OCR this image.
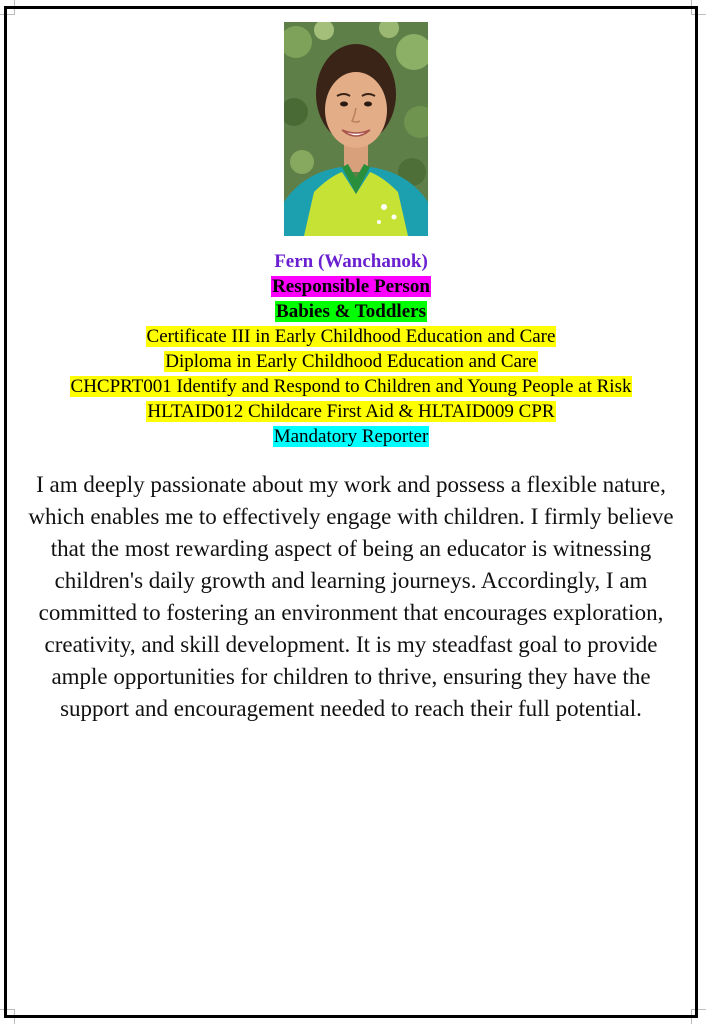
Fern (Wanchanok)
Responsible Person
Babies & Toddlers
Certificate III in Early Childhood Education and Care
Diploma in Early Childhood Education and Care
CHCPRT001 Identify and Respond to Children and Young People at Risk
HLTAID012 Childcare First Aid & HLTAID009 CPR
Mandatory Reporter

I am deeply passionate about my work and possess a flexible nature, which enables me to effectively engage with children. I firmly believe that the most rewarding aspect of being an educator is witnessing children's daily growth and learning journeys. Accordingly, I am committed to fostering an environment that encourages exploration, creativity, and skill development. It is my steadfast goal to provide ample opportunities for children to thrive, ensuring they have the support and encouragement needed to reach their full potential.
